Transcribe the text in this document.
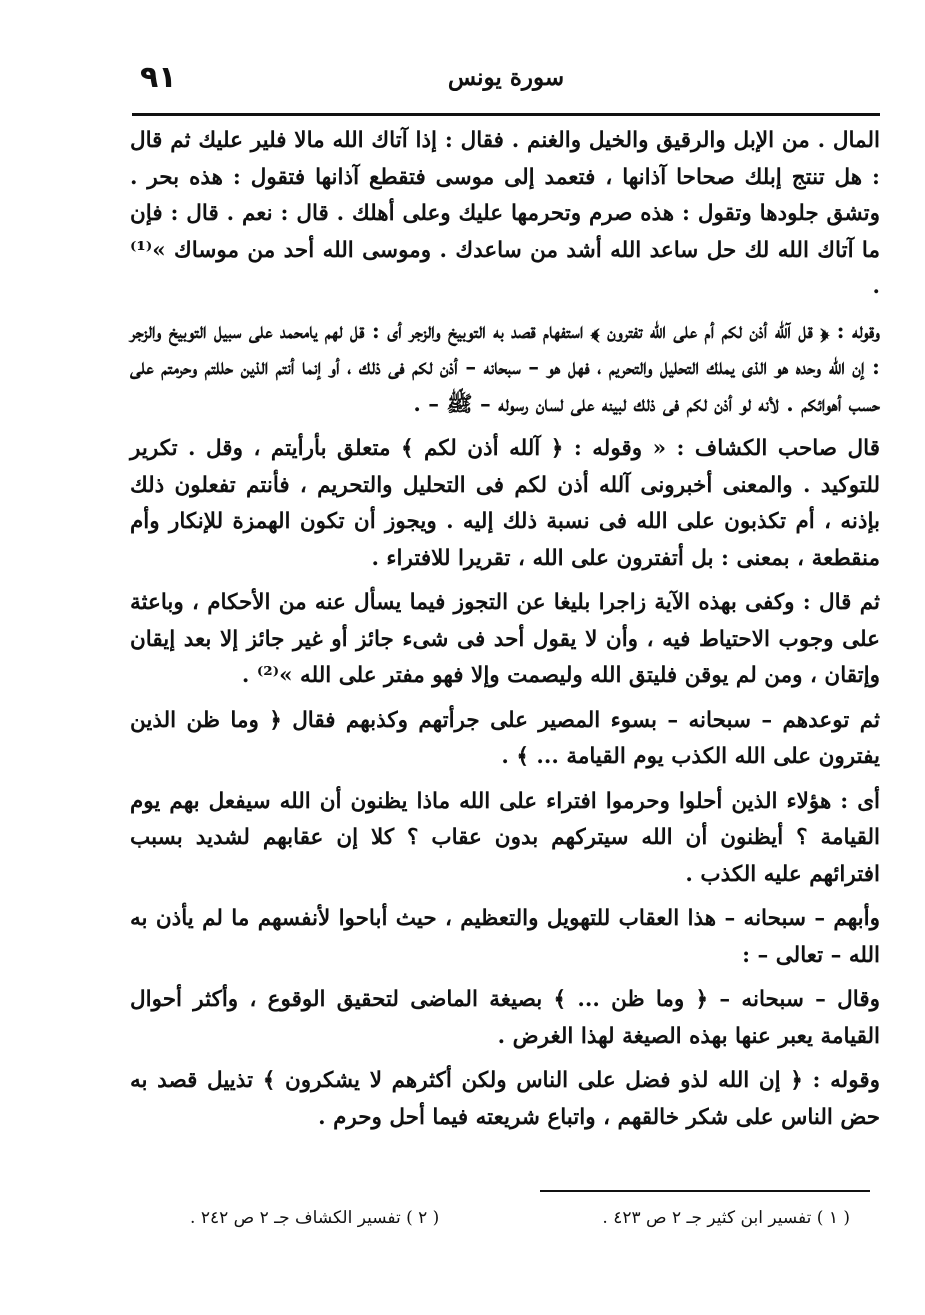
٩١	سورة يونس

المال . من الإبل والرقيق والخيل والغنم . فقال : إذا آتاك الله مالا فلير عليك ثم قال : هل تنتج إبلك صحاحا آذانها ، فتعمد إلى موسى فتقطع آذانها فتقول : هذه بحر . وتشق جلودها وتقول : هذه صرم وتحرمها عليك وعلى أهلك . قال : نعم . قال : فإن ما آتاك الله لك حل ساعد الله أشد من ساعدك . وموسى الله أحد من موساك »⁽¹⁾ .

وقوله : ﴿ قل آلله أذن لكم أم على الله تفترون ﴾ استفهام قصد به التوبيخ والزجر أى : قل لهم يامحمد على سبيل التوبيخ والزجر : إن الله وحده هو الذى يملك التحليل والتحريم ، فهل هو – سبحانه – أذن لكم فى ذلك ، أو إنما أنتم الذين حللتم وحرمتم على حسب أهوائكم . لأنه لو أذن لكم فى ذلك لبينه على لسان رسوله – ﷺ – .

قال صاحب الكشاف : « وقوله : ﴿ آلله أذن لكم ﴾ متعلق بأرأيتم ، وقل . تكرير للتوكيد . والمعنى أخبرونى آلله أذن لكم فى التحليل والتحريم ، فأنتم تفعلون ذلك بإذنه ، أم تكذبون على الله فى نسبة ذلك إليه . ويجوز أن تكون الهمزة للإنكار وأم منقطعة ، بمعنى : بل أتفترون على الله ، تقريرا للافتراء .

ثم قال : وكفى بهذه الآية زاجرا بليغا عن التجوز فيما يسأل عنه من الأحكام ، وباعثة على وجوب الاحتياط فيه ، وأن لا يقول أحد فى شىء جائز أو غير جائز إلا بعد إيقان وإتقان ، ومن لم يوقن فليتق الله وليصمت وإلا فهو مفتر على الله »⁽²⁾ .

ثم توعدهم – سبحانه – بسوء المصير على جرأتهم وكذبهم فقال ﴿ وما ظن الذين يفترون على الله الكذب يوم القيامة ... ﴾ .

أى : هؤلاء الذين أحلوا وحرموا افتراء على الله ماذا يظنون أن الله سيفعل بهم يوم القيامة ؟ أيظنون أن الله سيتركهم بدون عقاب ؟ كلا إن عقابهم لشديد بسبب افترائهم عليه الكذب .

وأبهم – سبحانه – هذا العقاب للتهويل والتعظيم ، حيث أباحوا لأنفسهم ما لم يأذن به الله – تعالى – :

وقال – سبحانه – ﴿ وما ظن ... ﴾ بصيغة الماضى لتحقيق الوقوع ، وأكثر أحوال القيامة يعبر عنها بهذه الصيغة لهذا الغرض .

وقوله : ﴿ إن الله لذو فضل على الناس ولكن أكثرهم لا يشكرون ﴾ تذييل قصد به حض الناس على شكر خالقهم ، واتباع شريعته فيما أحل وحرم .

( ١ ) تفسير ابن كثير جـ ٢ ص ٤٢٣ .
( ٢ ) تفسير الكشاف جـ ٢ ص ٢٤٢ .
